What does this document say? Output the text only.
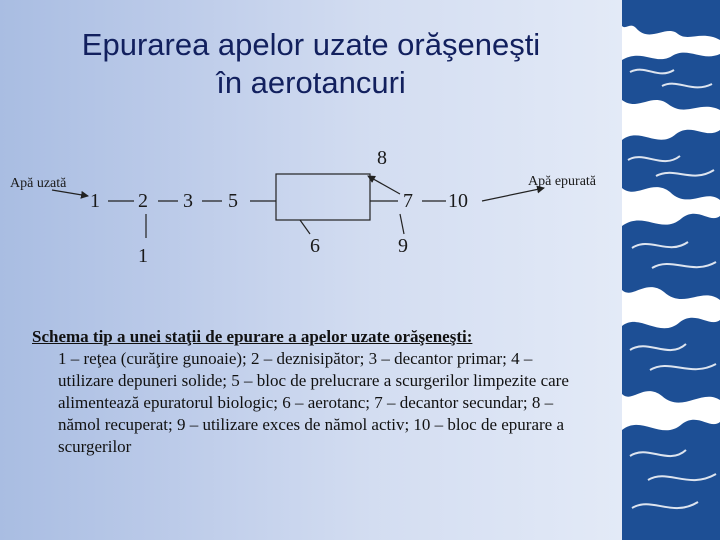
Epurarea apelor uzate orăşeneşti
în aerotancuri
Apă uzată	Apă epurată
1 2 3 5	7 10
1	6
8
9
Schema tip a unei staţii de epurare a apelor uzate orăşeneşti:
1 – reţea (curăţire gunoaie); 2 – deznisipător; 3 – decantor primar; 4 – utilizare depuneri solide; 5 – bloc de prelucrare a scurgerilor limpezite care alimentează epuratorul biologic; 6 – aerotanc; 7 – decantor secundar; 8 – nămol recuperat; 9 – utilizare exces de nămol activ; 10 – bloc de epurare a scurgerilor
